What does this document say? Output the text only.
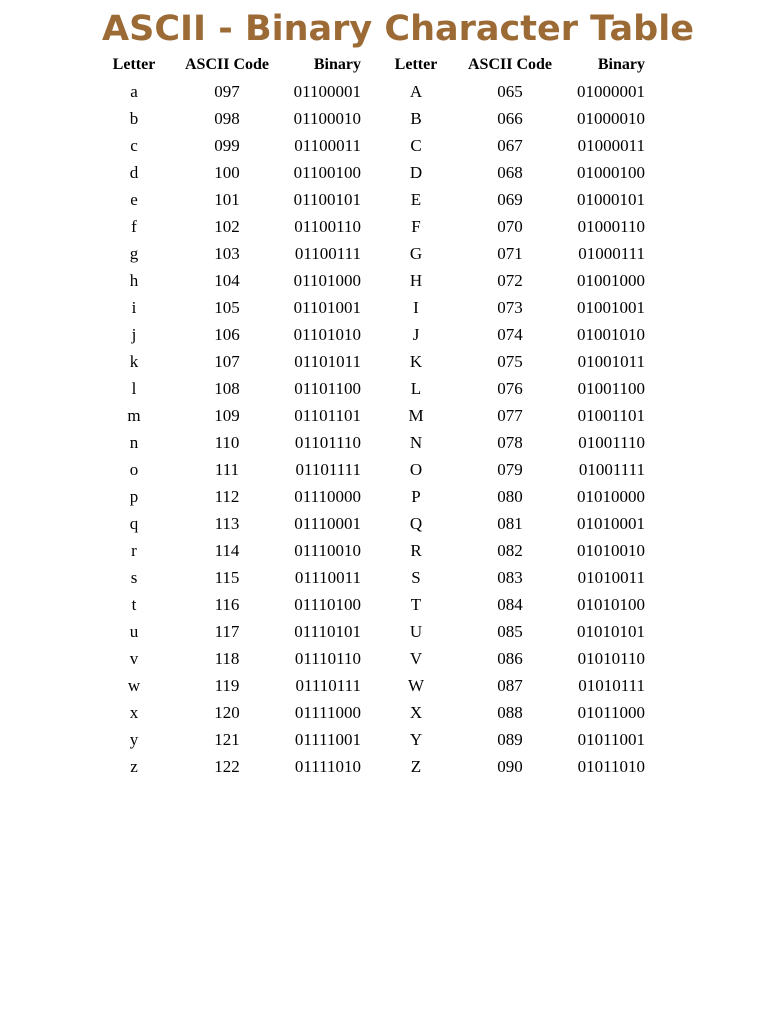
ASCII - Binary Character Table
Letter ASCII Code	Binary Letter ASCII Code	Binary
a	097	01100001	A	065	01000001
b	098	01100010	B	066	01000010
c	099	01100011	C	067	01000011
d	100	01100100	D	068	01000100
e	101	01100101	E	069	01000101
f	102	01100110	F	070	01000110
g	103	01100111	G	071	01000111
h	104	01101000	H	072	01001000
i	105	01101001	I	073	01001001
j	106	01101010	J	074	01001010
k	107	01101011	K	075	01001011
l	108	01101100	L	076	01001100
m	109	01101101	M	077	01001101
n	110	01101110	N	078	01001110
o	111	01101111	O	079	01001111
p	112	01110000	P	080	01010000
q	113	01110001	Q	081	01010001
r	114	01110010	R	082	01010010
s	115	01110011	S	083	01010011
t	116	01110100	T	084	01010100
u	117	01110101	U	085	01010101
v	118	01110110	V	086	01010110
w	119	01110111	W	087	01010111
x	120	01111000	X	088	01011000
y	121	01111001	Y	089	01011001
z	122	01111010	Z	090	01011010
